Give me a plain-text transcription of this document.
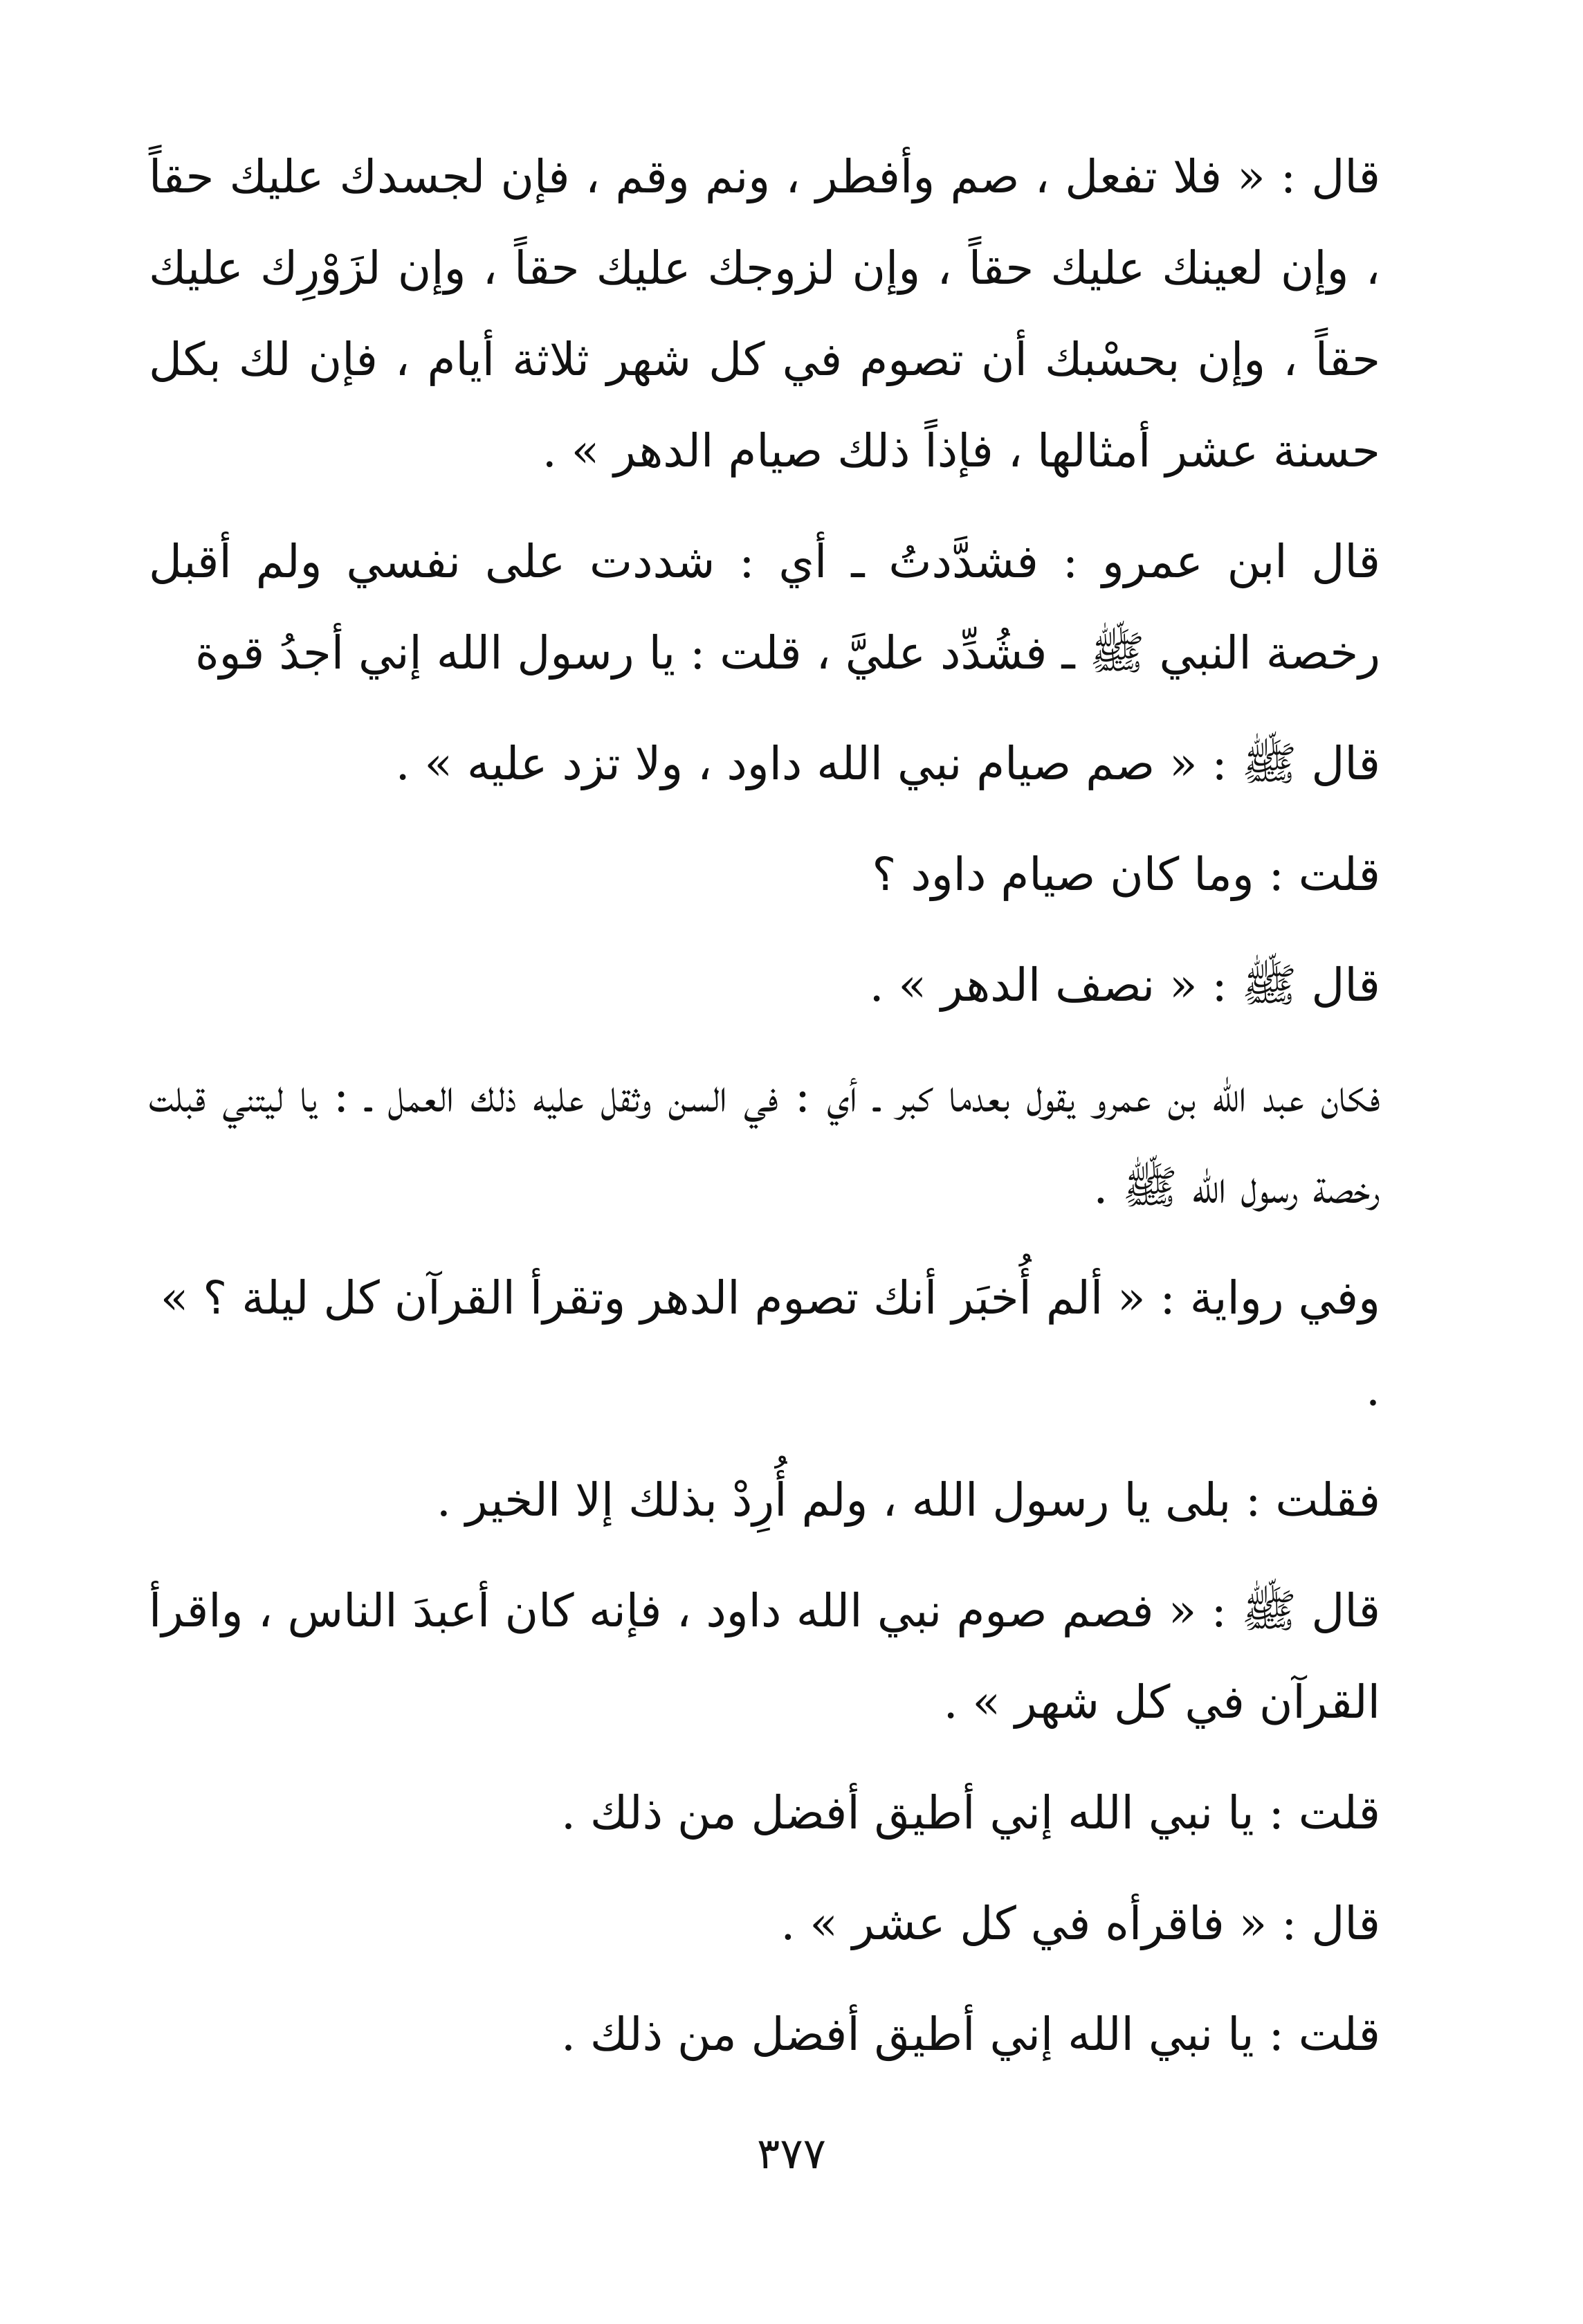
قال : « فلا تفعل ، صم وأفطر ، ونم وقم ، فإن لجسدك عليك حقاً ، وإن لعينك عليك حقاً ، وإن لزوجك عليك حقاً ، وإن لزَوْرِك عليك حقاً ، وإن بحسْبك أن تصوم في كل شهر ثلاثة أيام ، فإن لك بكل حسنة عشر أمثالها ، فإذاً ذلك صيام الدهر » .

قال ابن عمرو : فشدَّدتُ ـ أي : شددت على نفسي ولم أقبل رخصة النبي ﷺ ـ فشُدِّد عليَّ ، قلت : يا رسول الله إني أجدُ قوة

قال ﷺ : « صم صيام نبي الله داود ، ولا تزد عليه » .

قلت : وما كان صيام داود ؟

قال ﷺ : « نصف الدهر » .

فكان عبد الله بن عمرو يقول بعدما كبر ـ أي : في السن وثقل عليه ذلك العمل ـ : يا ليتني قبلت رخصة رسول الله ﷺ .

وفي رواية : « ألم أُخبَر أنك تصوم الدهر وتقرأ القرآن كل ليلة ؟ » .

فقلت : بلى يا رسول الله ، ولم أُرِدْ بذلك إلا الخير .

قال ﷺ : « فصم صوم نبي الله داود ، فإنه كان أعبدَ الناس ، واقرأ القرآن في كل شهر » .

قلت : يا نبي الله إني أطيق أفضل من ذلك .

قال : « فاقرأه في كل عشر » .

قلت : يا نبي الله إني أطيق أفضل من ذلك .

٣٧٧
